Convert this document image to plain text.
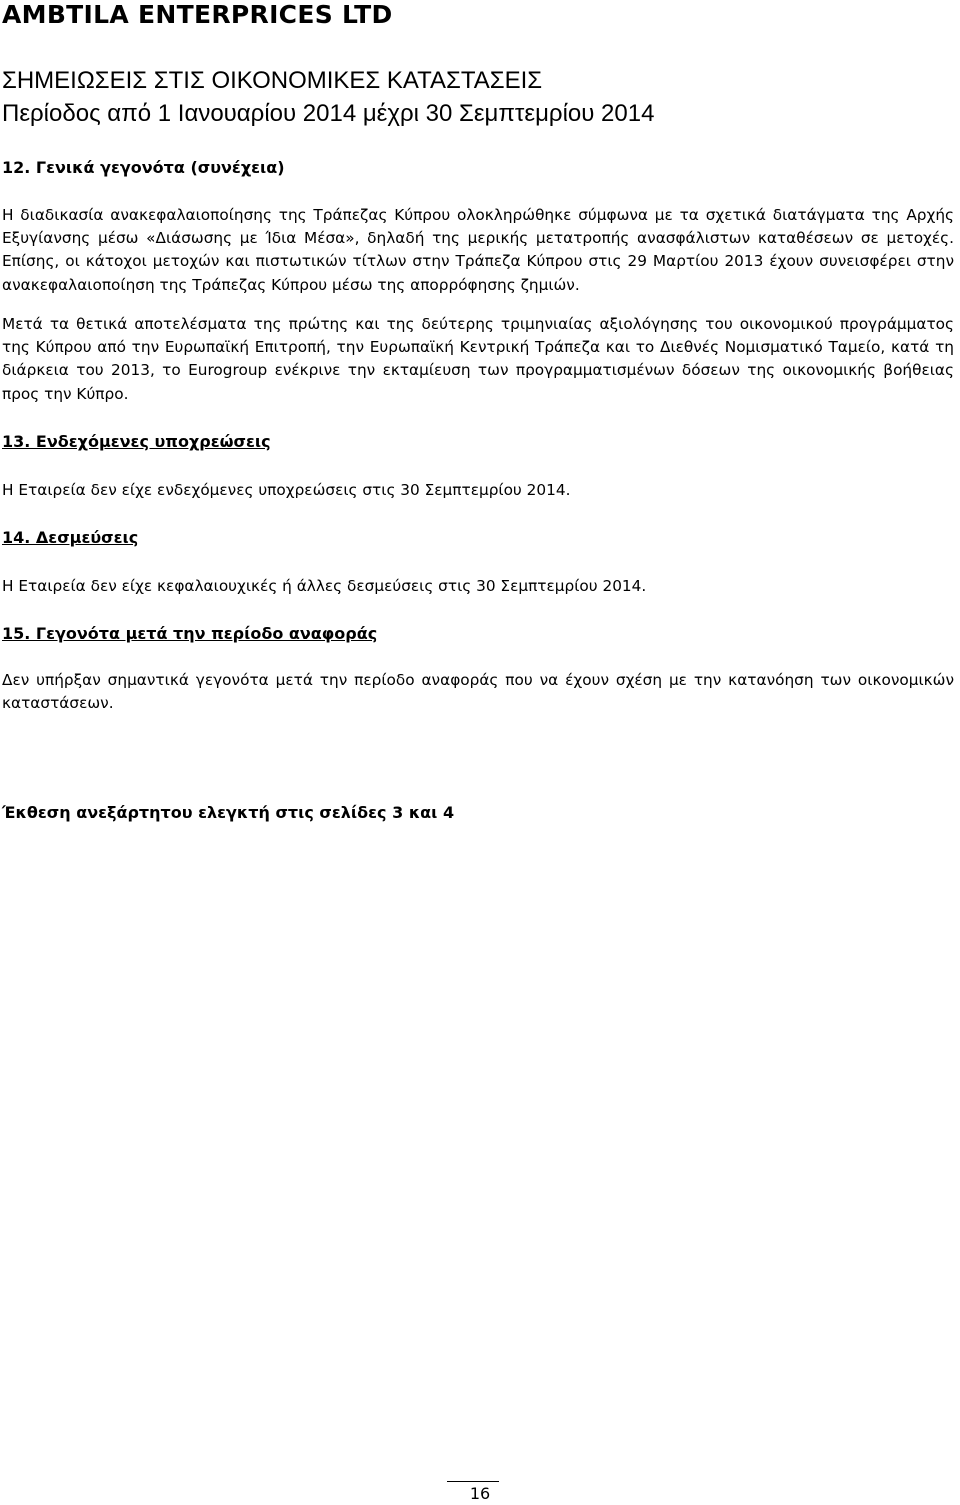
AMBTILA ENTERPRICES LTD
ΣΗΜΕΙΩΣΕΙΣ ΣΤΙΣ ΟΙΚΟΝΟΜΙΚΕΣ ΚΑΤΑΣΤΑΣΕΙΣ
Περίοδος από 1 Ιανουαρίου 2014 μέχρι 30 Σεμπτεμρίου 2014
12. Γενικά γεγονότα (συνέχεια)
Η διαδικασία ανακεφαλαιοποίησης της Τράπεζας Κύπρου ολοκληρώθηκε σύμφωνα με τα σχετικά διατάγματα της Αρχής Εξυγίανσης μέσω «Διάσωσης με Ίδια Μέσα», δηλαδή της μερικής μετατροπής ανασφάλιστων καταθέσεων σε μετοχές. Επίσης, οι κάτοχοι μετοχών και πιστωτικών τίτλων στην Τράπεζα Κύπρου στις 29 Μαρτίου 2013 έχουν συνεισφέρει στην ανακεφαλαιοποίηση της Τράπεζας Κύπρου μέσω της απορρόφησης ζημιών.
Μετά τα θετικά αποτελέσματα της πρώτης και της δεύτερης τριμηνιαίας αξιολόγησης του οικονομικού προγράμματος της Κύπρου από την Ευρωπαϊκή Επιτροπή, την Ευρωπαϊκή Κεντρική Τράπεζα και το Διεθνές Νομισματικό Ταμείο, κατά τη διάρκεια του 2013, το Eurogroup ενέκρινε την εκταμίευση των προγραμματισμένων δόσεων της οικονομικής βοήθειας προς την Κύπρο.
13. Ενδεχόμενες υποχρεώσεις
Η Εταιρεία δεν είχε ενδεχόμενες υποχρεώσεις στις 30 Σεμπτεμρίου 2014.
14. Δεσμεύσεις
Η Εταιρεία δεν είχε κεφαλαιουχικές ή άλλες δεσμεύσεις στις 30 Σεμπτεμρίου 2014.
15. Γεγονότα μετά την περίοδο αναφοράς
Δεν υπήρξαν σημαντικά γεγονότα μετά την περίοδο αναφοράς που να έχουν σχέση με την κατανόηση των οικονομικών καταστάσεων.
Έκθεση ανεξάρτητου ελεγκτή στις σελίδες 3 και 4
16
